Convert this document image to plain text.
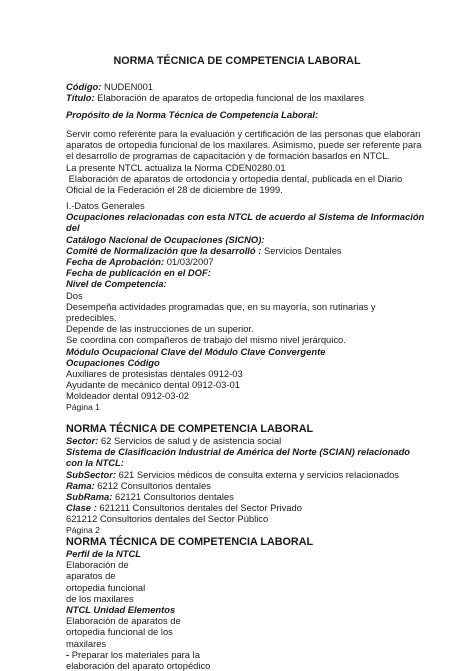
NORMA TÉCNICA DE COMPETENCIA LABORAL

Código: NUDEN001
Título: Elaboración de aparatos de ortopedia funcional de los maxilares
Propósito de la Norma Técnica de Competencia Laboral:
Servir como referente para la evaluación y certificación de las personas que elaboran
aparatos de ortopedia funcional de los maxilares. Asimismo, puede ser referente para
el desarrollo de programas de capacitación y de formación basados en NTCL.
La presente NTCL actualiza la Norma CDEN0280.01
Elaboración de aparatos de ortodoncia y ortopedia dental, publicada en el Diario
Oficial de la Federación el 28 de diciembre de 1999.
I.-Datos Generales
Ocupaciones relacionadas con esta NTCL de acuerdo al Sistema de Información
del
Catálogo Nacional de Ocupaciones (SICNO):
Comité de Normalización que la desarrolló : Servicios Dentales
Fecha de Aprobación: 01/03/2007
Fecha de publicación en el DOF:
Nivel de Competencia:
Dos
Desempeña actividades programadas que, en su mayoría, son rutinarias y
predecibles.
Depende de las instrucciones de un superior.
Se coordina con compañeros de trabajo del mismo nivel jerárquico.
Módulo Ocupacional Clave del Módulo Clave Convergente
Ocupaciones Código
Auxiliares de protesistas dentales 0912-03
Ayudante de mecánico dental 0912-03-01
Moldeador dental 0912-03-02
Página 1
NORMA TÉCNICA DE COMPETENCIA LABORAL
Sector: 62 Servicios de salud y de asistencia social
Sistema de Clasificación Industrial de América del Norte (SCIAN) relacionado
con la NTCL:
SubSector: 621 Servicios médicos de consulta externa y servicios relacionados
Rama: 6212 Consultorios dentales
SubRama: 62121 Consultorios dentales
Clase : 621211 Consultorios dentales del Sector Privado
621212 Consultorios dentales del Sector Público
Página 2
NORMA TÉCNICA DE COMPETENCIA LABORAL
Perfil de la NTCL
Elaboración de
aparatos de
ortopedia funcional
de los maxilares
NTCL Unidad Elementos
Elaboración de aparatos de
ortopedia funcional de los
maxilares
- Preparar los materiales para la
elaboración del aparato ortopédico
